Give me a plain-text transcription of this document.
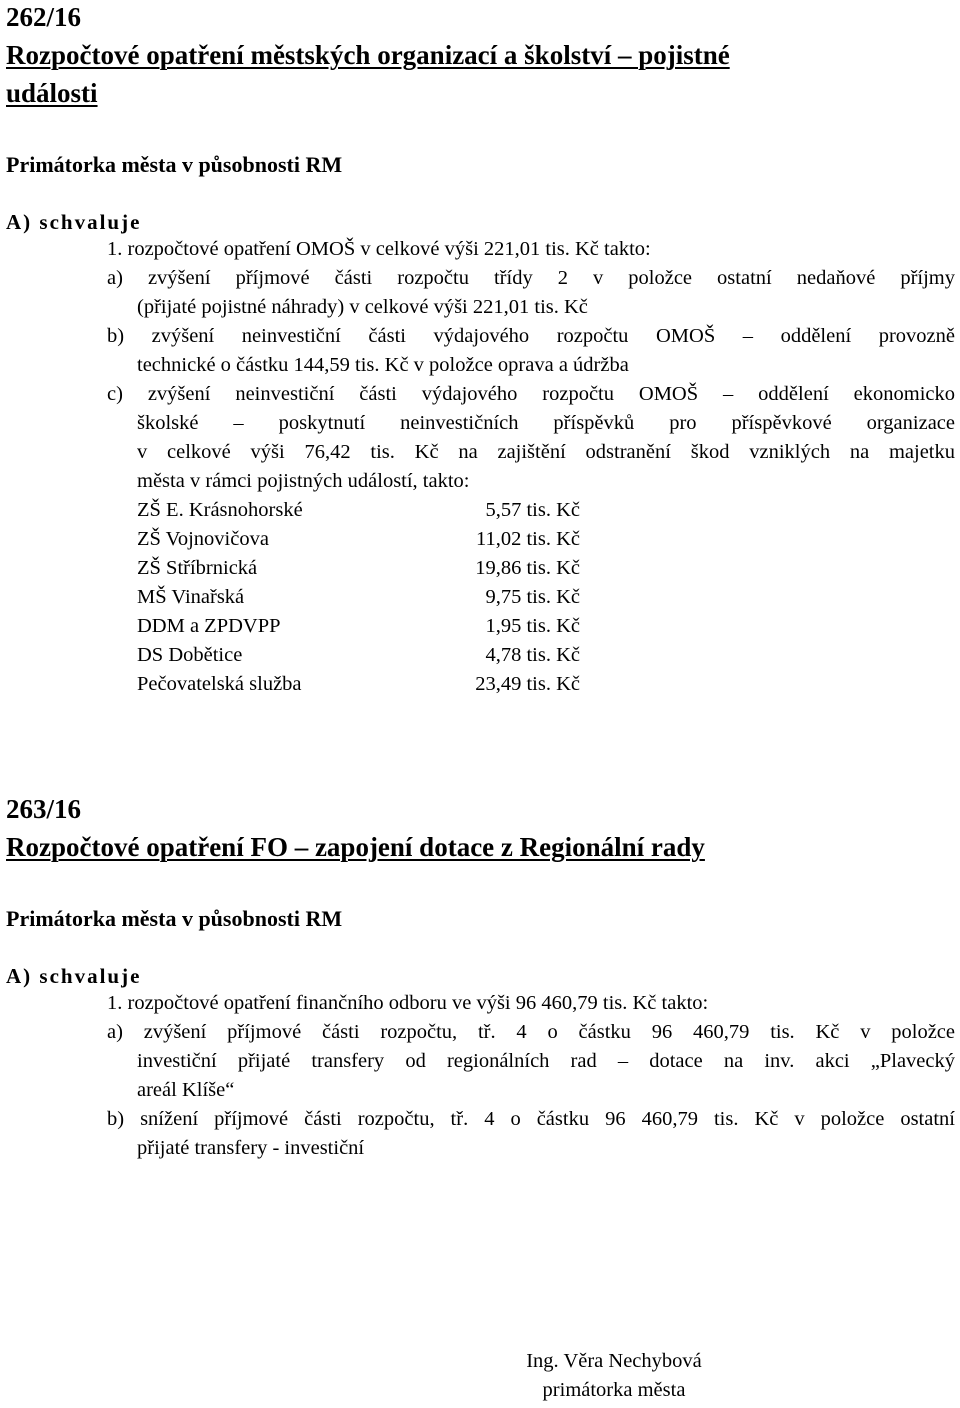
262/16
Rozpočtové opatření městských organizací a školství – pojistné
události
Primátorka města v působnosti RM
A) schvaluje
1. rozpočtové opatření OMOŠ v celkové výši 221,01 tis. Kč takto:
a) zvýšení příjmové části rozpočtu třídy 2 v položce ostatní nedaňové příjmy
(přijaté pojistné náhrady) v celkové výši 221,01 tis. Kč
b) zvýšení neinvestiční části výdajového rozpočtu OMOŠ – oddělení provozně
technické o částku 144,59 tis. Kč v položce oprava a údržba
c) zvýšení neinvestiční části výdajového rozpočtu OMOŠ – oddělení ekonomicko
školské – poskytnutí neinvestičních příspěvků pro příspěvkové organizace
v celkové výši 76,42 tis. Kč na zajištění odstranění škod vzniklých na majetku
města v rámci pojistných událostí, takto:
ZŠ E. Krásnohorské	5,57 tis. Kč
ZŠ Vojnovičova	11,02 tis. Kč
ZŠ Stříbrnická	19,86 tis. Kč
MŠ Vinařská	9,75 tis. Kč
DDM a ZPDVPP	1,95 tis. Kč
DS Dobětice	4,78 tis. Kč
Pečovatelská služba	23,49 tis. Kč
263/16
Rozpočtové opatření FO – zapojení dotace z Regionální rady
Primátorka města v působnosti RM
A) schvaluje
1. rozpočtové opatření finančního odboru ve výši 96 460,79 tis. Kč takto:
a) zvýšení příjmové části rozpočtu, tř. 4 o částku 96 460,79 tis. Kč v položce
investiční přijaté transfery od regionálních rad – dotace na inv. akci „Plavecký
areál Klíše“
b) snížení příjmové části rozpočtu, tř. 4 o částku 96 460,79 tis. Kč v položce ostatní
přijaté transfery - investiční
Ing. Věra Nechybová
primátorka města
